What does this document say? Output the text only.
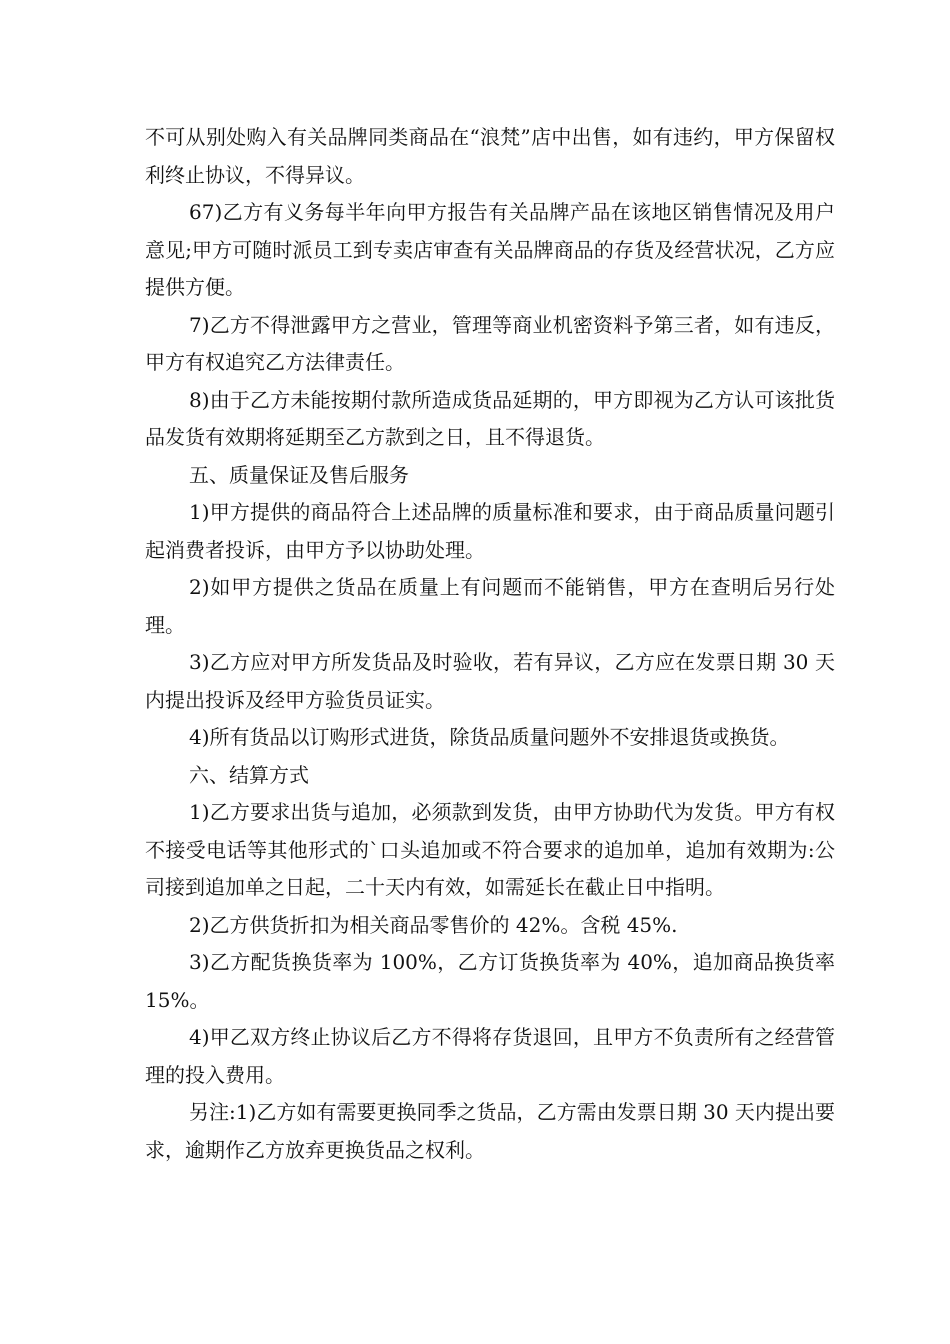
不可从别处购入有关品牌同类商品在“浪梵”店中出售，如有违约，甲方保留权利终止协议，不得异议。

67)乙方有义务每半年向甲方报告有关品牌产品在该地区销售情况及用户意见;甲方可随时派员工到专卖店审查有关品牌商品的存货及经营状况，乙方应提供方便。

7)乙方不得泄露甲方之营业，管理等商业机密资料予第三者，如有违反，甲方有权追究乙方法律责任。

8)由于乙方未能按期付款所造成货品延期的，甲方即视为乙方认可该批货品发货有效期将延期至乙方款到之日，且不得退货。

五、质量保证及售后服务

1)甲方提供的商品符合上述品牌的质量标准和要求，由于商品质量问题引起消费者投诉，由甲方予以协助处理。

2)如甲方提供之货品在质量上有问题而不能销售，甲方在查明后另行处理。

3)乙方应对甲方所发货品及时验收，若有异议，乙方应在发票日期 30 天内提出投诉及经甲方验货员证实。

4)所有货品以订购形式进货，除货品质量问题外不安排退货或换货。

六、结算方式

1)乙方要求出货与追加，必须款到发货，由甲方协助代为发货。甲方有权不接受电话等其他形式的`口头追加或不符合要求的追加单，追加有效期为:公司接到追加单之日起，二十天内有效，如需延长在截止日中指明。

2)乙方供货折扣为相关商品零售价的 42%。含税 45%.

3)乙方配货换货率为 100%，乙方订货换货率为 40%，追加商品换货率 15%。

4)甲乙双方终止协议后乙方不得将存货退回，且甲方不负责所有之经营管理的投入费用。

另注:1)乙方如有需要更换同季之货品，乙方需由发票日期 30 天内提出要求，逾期作乙方放弃更换货品之权利。
